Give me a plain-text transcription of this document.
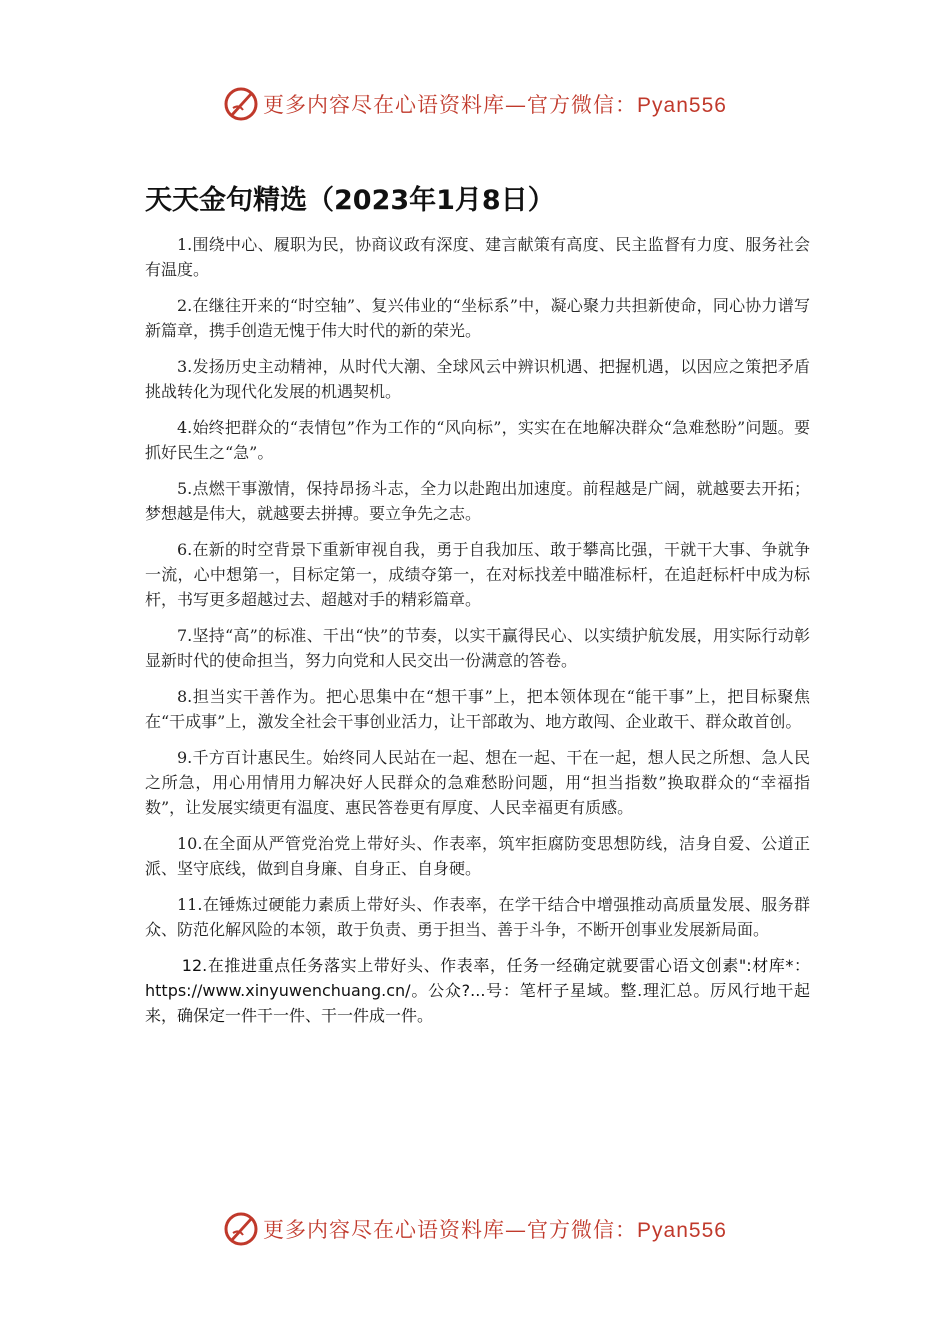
更多内容尽在心语资料库—官方微信：Pyan556
天天金句精选（2023年1月8日）

1.围绕中心、履职为民，协商议政有深度、建言献策有高度、民主监督有力度、服务社会有温度。

2.在继往开来的“时空轴”、复兴伟业的“坐标系”中，凝心聚力共担新使命，同心协力谱写新篇章，携手创造无愧于伟大时代的新的荣光。

3.发扬历史主动精神，从时代大潮、全球风云中辨识机遇、把握机遇，以因应之策把矛盾挑战转化为现代化发展的机遇契机。

4.始终把群众的“表情包”作为工作的“风向标”，实实在在地解决群众“急难愁盼”问题。要抓好民生之“急”。

5.点燃干事激情，保持昂扬斗志，全力以赴跑出加速度。前程越是广阔，就越要去开拓；梦想越是伟大，就越要去拼搏。要立争先之志。

6.在新的时空背景下重新审视自我，勇于自我加压、敢于攀高比强，干就干大事、争就争一流，心中想第一，目标定第一，成绩夺第一，在对标找差中瞄准标杆，在追赶标杆中成为标杆，书写更多超越过去、超越对手的精彩篇章。

7.坚持“高”的标准、干出“快”的节奏，以实干赢得民心、以实绩护航发展，用实际行动彰显新时代的使命担当，努力向党和人民交出一份满意的答卷。

8.担当实干善作为。把心思集中在“想干事”上，把本领体现在“能干事”上，把目标聚焦在“干成事”上，激发全社会干事创业活力，让干部敢为、地方敢闯、企业敢干、群众敢首创。

9.千方百计惠民生。始终同人民站在一起、想在一起、干在一起，想人民之所想、急人民之所急，用心用情用力解决好人民群众的急难愁盼问题，用“担当指数”换取群众的“幸福指数”，让发展实绩更有温度、惠民答卷更有厚度、人民幸福更有质感。

10.在全面从严管党治党上带好头、作表率，筑牢拒腐防变思想防线，洁身自爱、公道正派、坚守底线，做到自身廉、自身正、自身硬。

11.在锤炼过硬能力素质上带好头、作表率，在学干结合中增强推动高质量发展、服务群众、防范化解风险的本领，敢于负责、勇于担当、善于斗争，不断开创事业发展新局面。

12.在推进重点任务落实上带好头、作表率，任务一经确定就要雷心语文创素":材库*：https://www.xinyuwenchuang.cn/。公众?...号：笔杆子星域。整.理汇总。厉风行地干起来，确保定一件干一件、干一件成一件。

更多内容尽在心语资料库—官方微信：Pyan556
